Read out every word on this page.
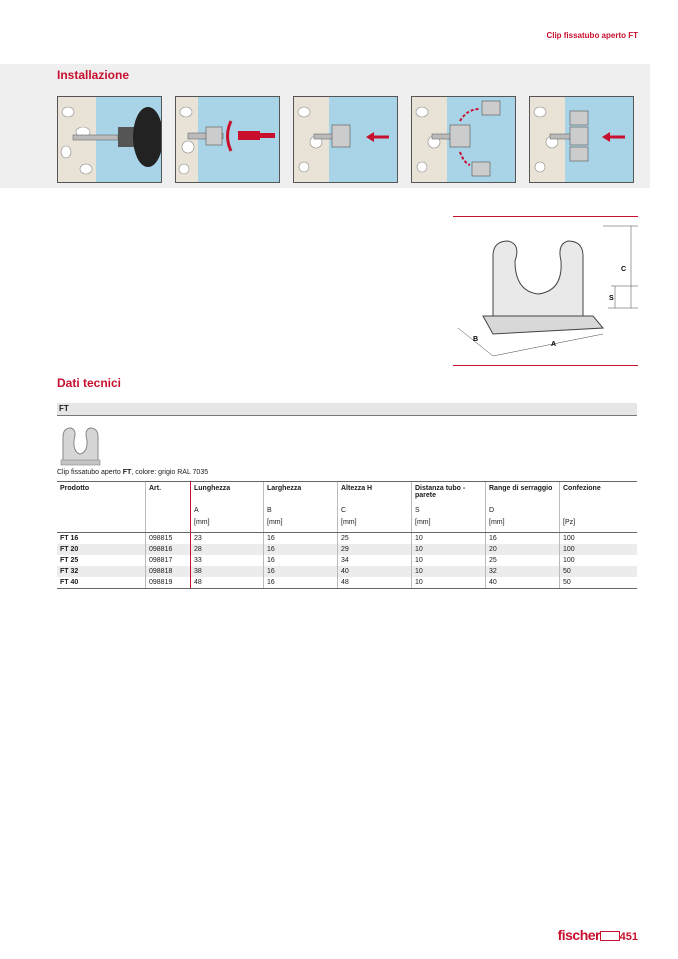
Clip fissatubo aperto FT
Installazione
C
S
B
A
Dati tecnici
FT
Clip fissatubo aperto FT, colore: grigio RAL 7035
Prodotto	Art.	Lunghezza	Larghezza	Altezza H	Distanza tubo - parete	Range di serraggio	Confezione
		A	B	C	S	D	
		[mm]	[mm]	[mm]	[mm]	[mm]	[Pz]
FT 16	098815	23	16	25	10	16	100
FT 20	098816	28	16	29	10	20	100
FT 25	098817	33	16	34	10	25	100
FT 32	098818	38	16	40	10	32	50
FT 40	098819	48	16	48	10	40	50
fischer 451
